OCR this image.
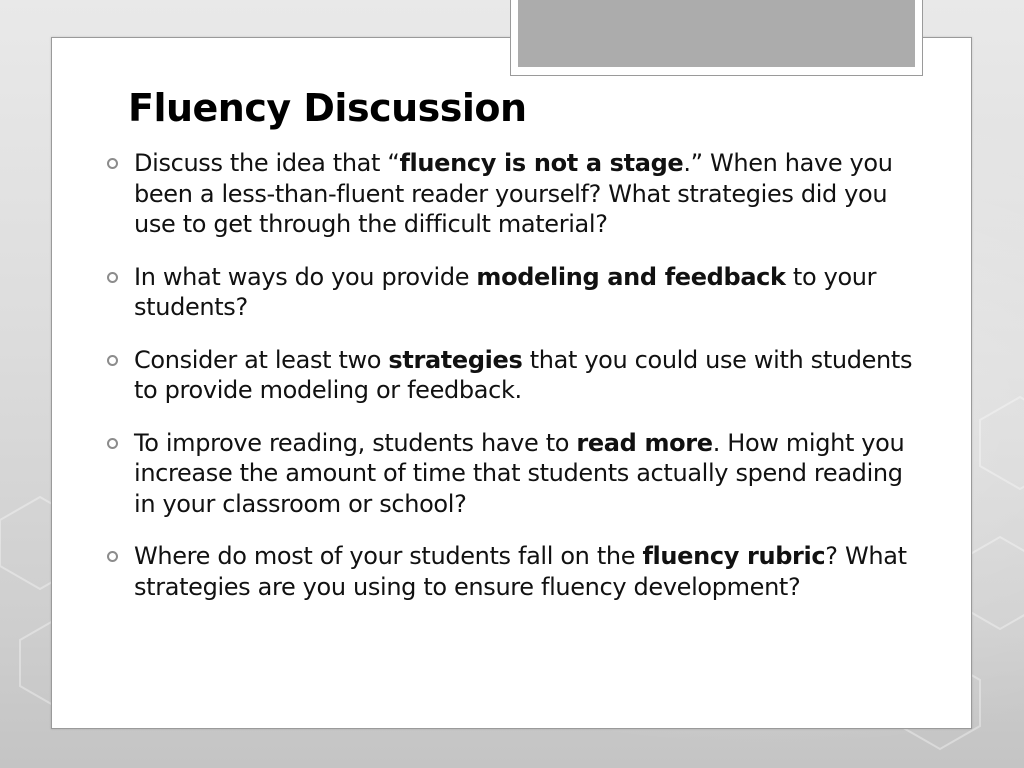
Fluency Discussion
Discuss the idea that “fluency is not a stage.” When have you been a less-than-fluent reader yourself? What strategies did you use to get through the difficult material?
In what ways do you provide modeling and feedback to your students?
Consider at least two strategies that you could use with students to provide modeling or feedback.
To improve reading, students have to read more. How might you increase the amount of time that students actually spend reading in your classroom or school?
Where do most of your students fall on the fluency rubric? What strategies are you using to ensure fluency development?
